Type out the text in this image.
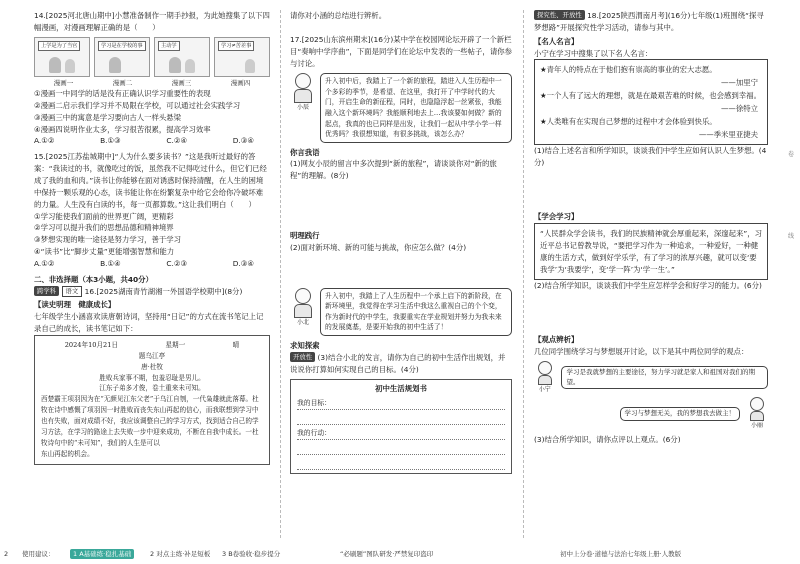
14.[2025河北唐山期中]小慧准备制作一期手抄报，为此她搜集了以下四幅漫画，对漫画理解正确的是（　　）

上学是为了当官	学习是在学校的事	主动学	学习≠苦差事
漫画一	漫画二	漫画三	漫画四

①漫画一中同学的话是没有正确认识学习重要性的表现

②漫画二启示我们学习并不局限在学校，可以通过社会实践学习

③漫画三中的寓意是学习要向古人一样头悬梁

④漫画四说明作业太多，学习很苦很累，提高学习效率

A.①②	B.①③	C.②④	D.③④

15.[2025江苏盐城期中]“人为什么要多读书？”这是我听过最好的答案：“我读过的书，就像吃过的饭，虽然我不记得吃过什么，但它们已经成了我的血和肉。”读书让你能够在面对诱惑时保持清醒，在人生的困境中保持一颗乐观的心态，读书能让你在纷繁复杂中给它会给你冷破坏难的力量。人生没有白读的书，每一页都算数。”这让我们明白（　　）

①学习能使我们面前的世界更广阔，更精彩

②学习可以提升我们的思想品德和精神境界

③梦想实现的唯一途径是努力学习，善于学习

④“读书”比“脚步丈量”更能增强智慧和能力

A.①②	B.①④	C.②③	D.③④

二、非选择题（本3小题，共40分）

跨学科 语文 16.[2025湖南青竹湖湘一外国语学校期中](8分)

【读史明理　健康成长】

七年级学生小涵喜欢读唐朝诗词，坚持用“日记”的方式在流书笔记上记录自己的成长，读书笔记如下：

2024年10月21日	星期一	晴

题乌江亭

唐·杜牧

胜败兵家事不期，包羞忍耻是男儿。

江东子弟多才俊，卷土重来未可知。

西楚霸王项羽因为在“无颜见江东父老”于乌江自刎，一代枭雄就此落幕。杜牧在诗中感慨了项羽因一时胜败而丧失东山再起的信心，而我联想到学习中也有失败，面对成绩不好，我应该调整自己的学习方式，找到适合自己的学习方法，在学习的路途上去失败一步中迎来成功，不断在自我中成长。一杜牧诗句中的“未可知”，我们的人生是可以

东山再起的机会。

请你对小涵的总结进行辨析。

17.[2025山东滨州期末](16分)某中学在校园网论坛开辟了一个新栏目“奏响中学序曲”，下面是同学们在论坛中发表的一些帖子，请你参与讨论。

小辰
升入初中后，我踏上了一个新的旅程，踏进入人生历程中一个多彩的季节，是希望、在这里，我打开了中学时代的大门，开启生命的新征程，同时，也隐隐浮起一丝紧张，我能融入这个新环境吗？我能顺利地去上…我该要如何做？新的起点，我真的也已同样是出发，让我们一起从中学小学一样优秀吗？我很想知道，有很多挑战，该怎么办？

你言我语

(1)网友小辰的留言中多次提到“新的旅程”，请谈谈你对“新的旅程”的理解。(8分)

明理践行

(2)面对新环境、新的可能与挑战，你应怎么做？(4分)

小北
升入初中，我踏上了人生历程中一个承上启下的新阶段，在新环境里，我觉得在学习生活中我这么重视自己的个个变，作为新时代的中学生，我要重实在学业规划并努力为我未来的发展奠基，是要开始我的初中生活了！

求知探索

开放性 (3)结合小北的发言，请你为自己的初中生活作出规划，并说说你打算如何实现自己的目标。(4分)

初中生活规划书

我的目标：
我的行动：

探究性、开放性 18.[2025陕西渭南月考](16分)七年级(1)班围绕“探寻梦想路”开展探究性学习活动，请参与其中。

【名人名言】

小宁在学习中搜集了以下名人名言：

★青年人的特点在于他们抱有崇高的事业的宏大志愿。

——加里宁

★一个人有了远大的理想，就是在最艰苦难的时候，也会感到幸福。

——徐特立

★人类唯有在实现自己梦想的过程中才会体验到快乐。

——季米里亚捷夫

(1)结合上述名言和所学知识，谈谈我们中学生应如何认识人生梦想。(4分)

【学会学习】

“人民群众学会读书，我们的民族精神就会厚重起来，深邃起来”，习近平总书记曾教导说，“要把学习作为一种追求，一种爱好，一种健康的生活方式，做到好学乐学，有了学习的浓厚兴趣，就可以变‘要我学’为‘我要学’，变‘学一阵’为‘学一生’。”

(2)结合所学知识，谈谈我们中学生应怎样学会和好学习的能力。(6分)

【观点辨析】

几位同学围绕学习与梦想展开讨论，以下是其中两位同学的观点：

小宁
学习是我就梦想的主要途径，努力学习就是家人和祖国对我们的期望。
学习与梦想无关，我的梦想我去做主！
小丽

(3)结合所学知识，请你点评以上观点。(6分)

卷
线
2 使用建议：	1 A基础练·稳扎基础	2 对点主练·补足短板 3 B卷验收·稳步提分	“必刷题”图队研发·严禁复印盗印	初中上分卷·道德与法治七年级上册·人教版
